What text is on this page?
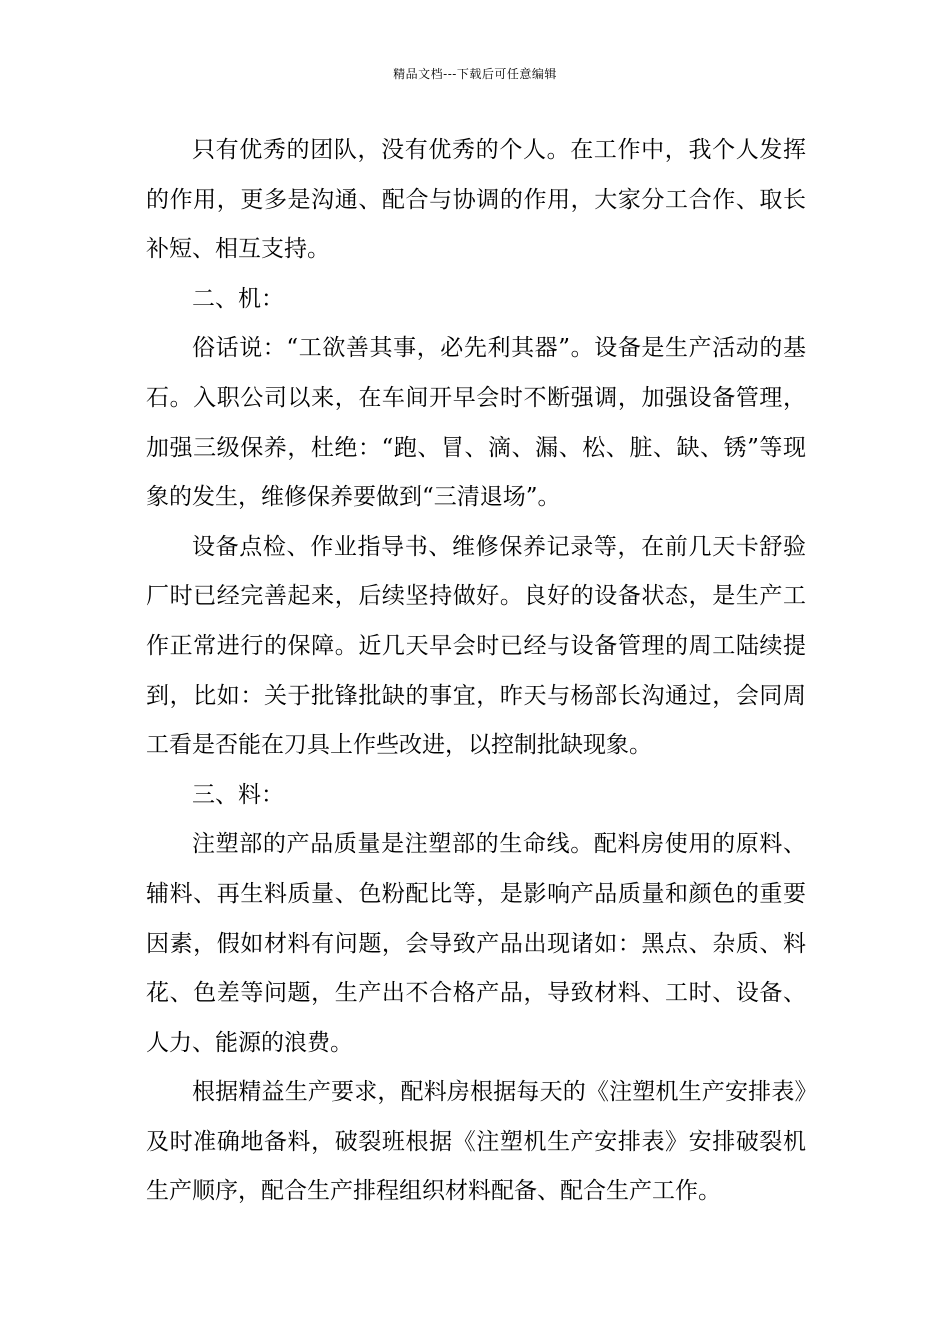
精品文档---下载后可任意编辑

只有优秀的团队，没有优秀的个人。在工作中，我个人发挥的作用，更多是沟通、配合与协调的作用，大家分工合作、取长补短、相互支持。

二、机：

俗话说：“工欲善其事，必先利其器”。设备是生产活动的基石。入职公司以来，在车间开早会时不断强调，加强设备管理，加强三级保养，杜绝：“跑、冒、滴、漏、松、脏、缺、锈”等现象的发生，维修保养要做到“三清退场”。

设备点检、作业指导书、维修保养记录等，在前几天卡舒验厂时已经完善起来，后续坚持做好。良好的设备状态，是生产工作正常进行的保障。近几天早会时已经与设备管理的周工陆续提到，比如：关于批锋批缺的事宜，昨天与杨部长沟通过，会同周工看是否能在刀具上作些改进，以控制批缺现象。

三、料：

注塑部的产品质量是注塑部的生命线。配料房使用的原料、辅料、再生料质量、色粉配比等，是影响产品质量和颜色的重要因素，假如材料有问题，会导致产品出现诸如：黑点、杂质、料花、色差等问题，生产出不合格产品，导致材料、工时、设备、人力、能源的浪费。

根据精益生产要求，配料房根据每天的《注塑机生产安排表》及时准确地备料，破裂班根据《注塑机生产安排表》安排破裂机生产顺序，配合生产排程组织材料配备、配合生产工作。
